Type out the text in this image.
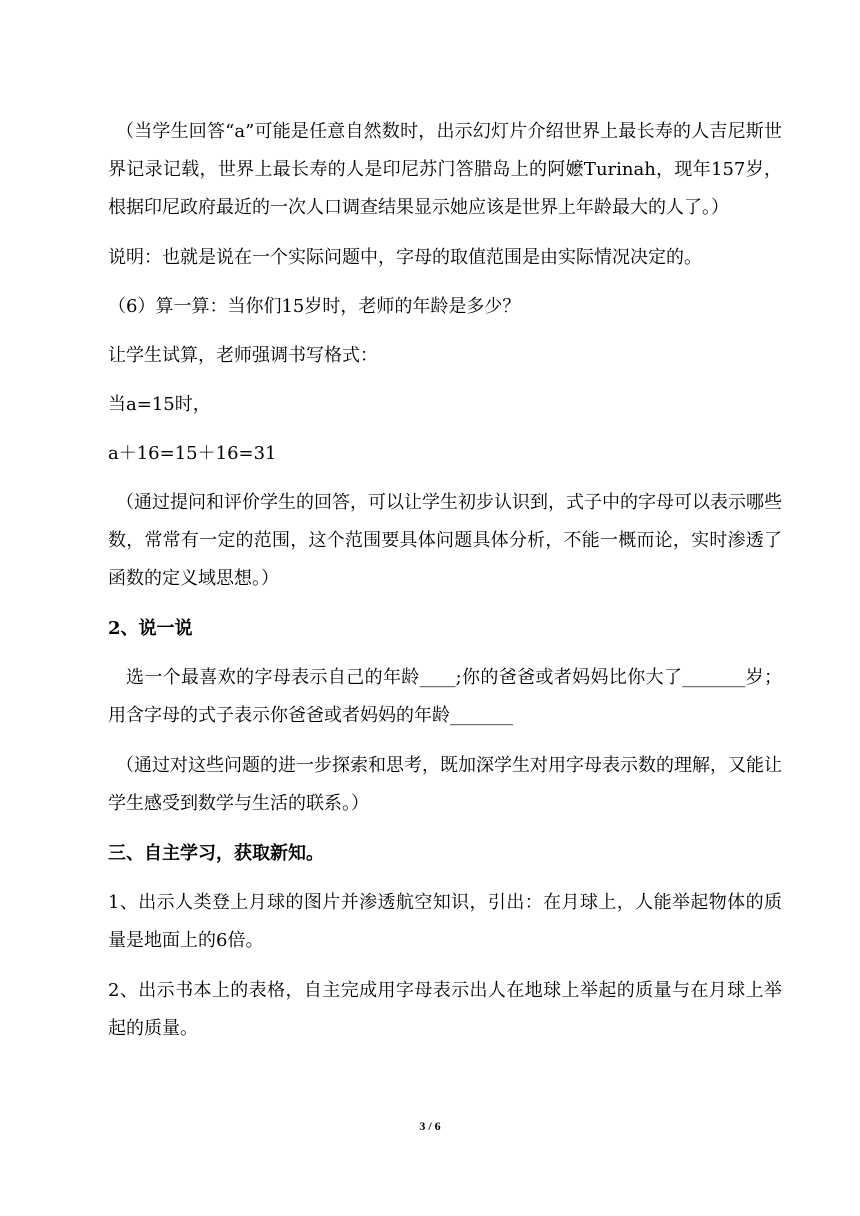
（当学生回答“a”可能是任意自然数时，出示幻灯片介绍世界上最长寿的人吉尼斯世界记录记载，世界上最长寿的人是印尼苏门答腊岛上的阿嬷Turinah，现年157岁，根据印尼政府最近的一次人口调查结果显示她应该是世界上年龄最大的人了。）

说明：也就是说在一个实际问题中，字母的取值范围是由实际情况决定的。

（6）算一算：当你们15岁时，老师的年龄是多少？

让学生试算，老师强调书写格式：

当a=15时，

a＋16=15＋16=31

（通过提问和评价学生的回答，可以让学生初步认识到，式子中的字母可以表示哪些数，常常有一定的范围，这个范围要具体问题具体分析，不能一概而论，实时渗透了函数的定义域思想。）

2、说一说

选一个最喜欢的字母表示自己的年龄____;你的爸爸或者妈妈比你大了_______岁；用含字母的式子表示你爸爸或者妈妈的年龄_______

（通过对这些问题的进一步探索和思考，既加深学生对用字母表示数的理解，又能让学生感受到数学与生活的联系。）

三、自主学习，获取新知。

1、出示人类登上月球的图片并渗透航空知识，引出：在月球上，人能举起物体的质量是地面上的6倍。

2、出示书本上的表格，自主完成用字母表示出人在地球上举起的质量与在月球上举起的质量。

3 / 6
